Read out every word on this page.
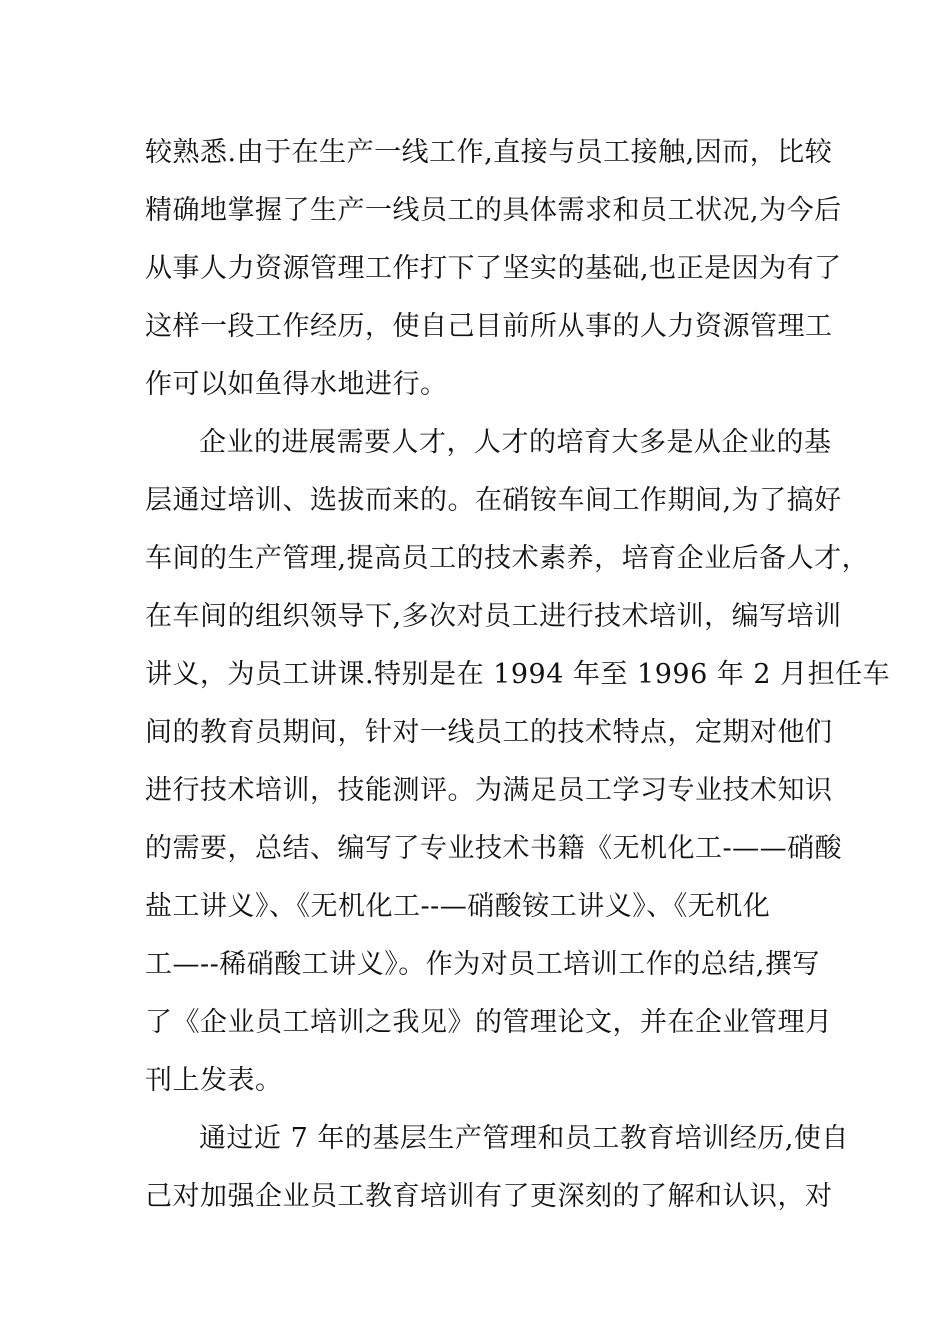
较熟悉.由于在生产一线工作,直接与员工接触,因而，比较
精确地掌握了生产一线员工的具体需求和员工状况,为今后
从事人力资源管理工作打下了坚实的基础,也正是因为有了
这样一段工作经历，使自己目前所从事的人力资源管理工
作可以如鱼得水地进行。
企业的进展需要人才，人才的培育大多是从企业的基
层通过培训、选拔而来的。在硝铵车间工作期间,为了搞好
车间的生产管理,提高员工的技术素养，培育企业后备人才，
在车间的组织领导下,多次对员工进行技术培训，编写培训
讲义，为员工讲课.特别是在 1994 年至 1996 年 2 月担任车
间的教育员期间，针对一线员工的技术特点，定期对他们
进行技术培训，技能测评。为满足员工学习专业技术知识
的需要，总结、编写了专业技术书籍《无机化工-——硝酸
盐工讲义》、《无机化工--—硝酸铵工讲义》、《无机化
工—--稀硝酸工讲义》。作为对员工培训工作的总结,撰写
了《企业员工培训之我见》的管理论文，并在企业管理月
刊上发表。
通过近 7 年的基层生产管理和员工教育培训经历,使自
己对加强企业员工教育培训有了更深刻的了解和认识，对
